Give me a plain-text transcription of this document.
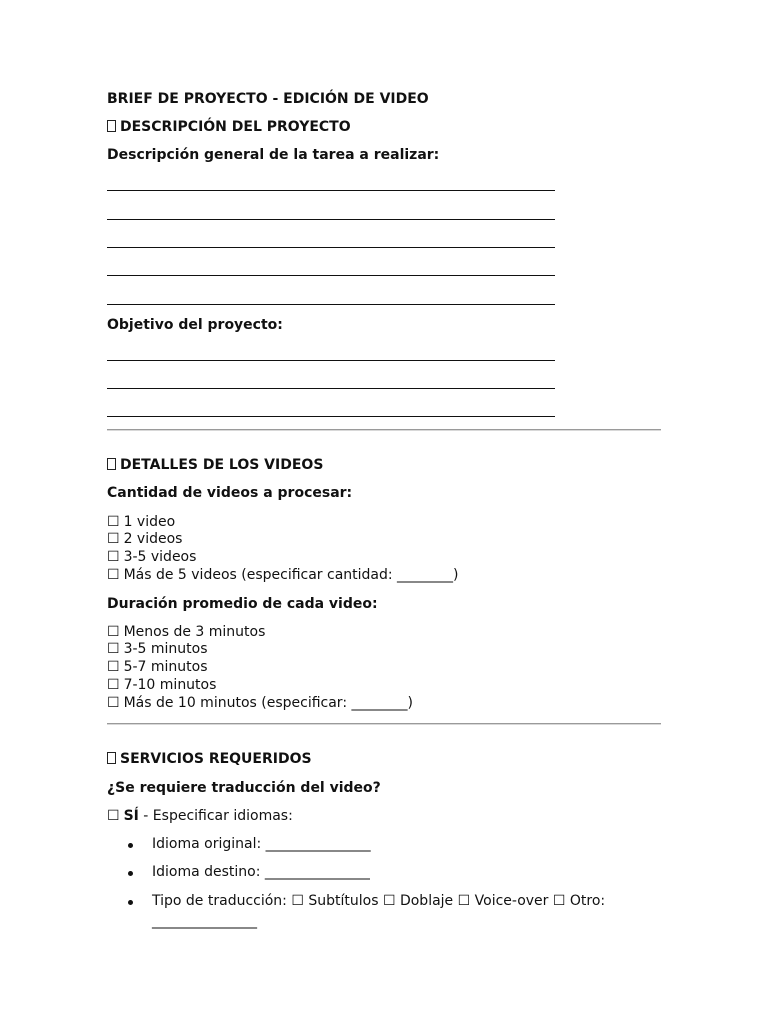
BRIEF DE PROYECTO - EDICIÓN DE VIDEO
DESCRIPCIÓN DEL PROYECTO
Descripción general de la tarea a realizar:
Objetivo del proyecto:
DETALLES DE LOS VIDEOS
Cantidad de videos a procesar:
☐ 1 video
☐ 2 videos
☐ 3-5 videos
☐ Más de 5 videos (especificar cantidad: ________)
Duración promedio de cada video:
☐ Menos de 3 minutos
☐ 3-5 minutos
☐ 5-7 minutos
☐ 7-10 minutos
☐ Más de 10 minutos (especificar: ________)
SERVICIOS REQUERIDOS
¿Se requiere traducción del video?
☐ SÍ - Especificar idiomas:
Idioma original: _______________
Idioma destino: _______________
Tipo de traducción: ☐ Subtítulos ☐ Doblaje ☐ Voice-over ☐ Otro:
_______________
